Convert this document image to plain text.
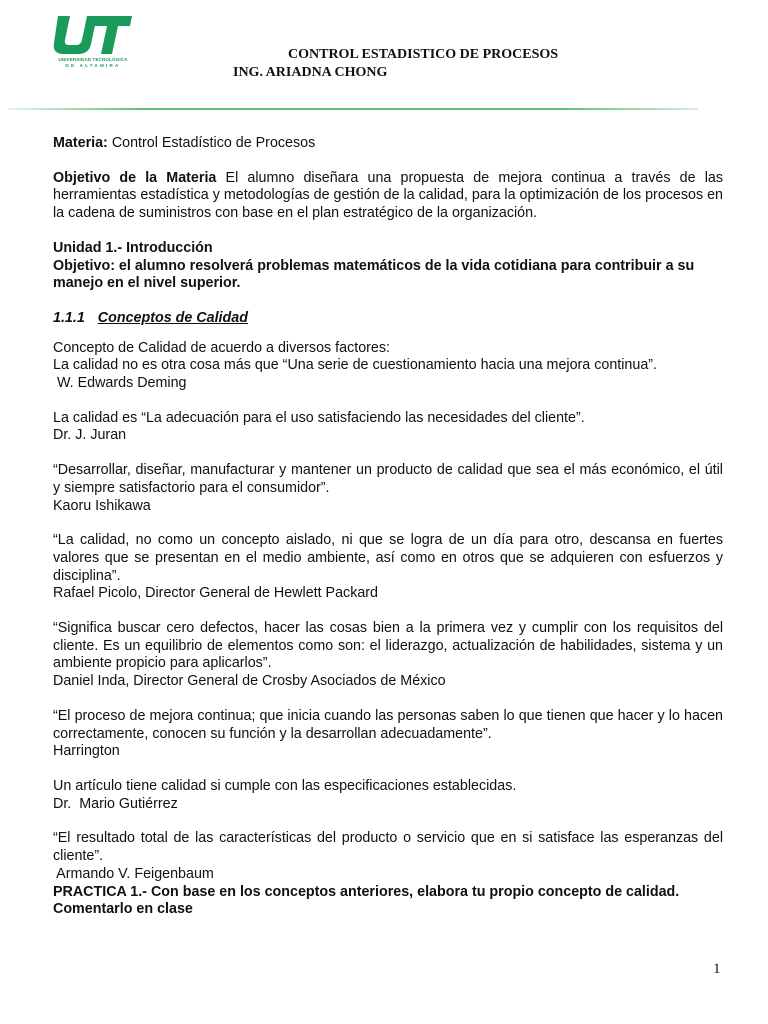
UNIVERSIDAD TECNOLÓGICA
DE ALTAMIRA
CONTROL ESTADISTICO DE PROCESOS
ING. ARIADNA CHONG

Materia: Control Estadístico de Procesos

Objetivo de la Materia El alumno diseñara una propuesta de mejora continua a través de las herramientas estadística y metodologías de gestión de la calidad, para la optimización de los procesos en la cadena de suministros con base en el plan estratégico de la organización.

Unidad 1.- Introducción

Objetivo: el alumno resolverá problemas matemáticos de la vida cotidiana para contribuir a su manejo en el nivel superior.

1.1.1 Conceptos de Calidad

Concepto de Calidad de acuerdo a diversos factores:

La calidad no es otra cosa más que “Una serie de cuestionamiento hacia una mejora continua”.

W. Edwards Deming

La calidad es “La adecuación para el uso satisfaciendo las necesidades del cliente”.

Dr. J. Juran

“Desarrollar, diseñar, manufacturar y mantener un producto de calidad que sea el más económico, el útil y siempre satisfactorio para el consumidor”.

Kaoru Ishikawa

“La calidad, no como un concepto aislado, ni que se logra de un día para otro, descansa en fuertes valores que se presentan en el medio ambiente, así como en otros que se adquieren con esfuerzos y disciplina”.

Rafael Picolo, Director General de Hewlett Packard

“Significa buscar cero defectos, hacer las cosas bien a la primera vez y cumplir con los requisitos del cliente. Es un equilibrio de elementos como son: el liderazgo, actualización de habilidades, sistema y un ambiente propicio para aplicarlos”.

Daniel Inda, Director General de Crosby Asociados de México

“El proceso de mejora continua; que inicia cuando las personas saben lo que tienen que hacer y lo hacen correctamente, conocen su función y la desarrollan adecuadamente”.

Harrington

Un artículo tiene calidad si cumple con las especificaciones establecidas.

Dr.  Mario Gutiérrez

“El resultado total de las características del producto o servicio que en si satisface las esperanzas del cliente”.

Armando V. Feigenbaum

PRACTICA 1.- Con base en los conceptos anteriores, elabora tu propio concepto de calidad. Comentarlo en clase

1
